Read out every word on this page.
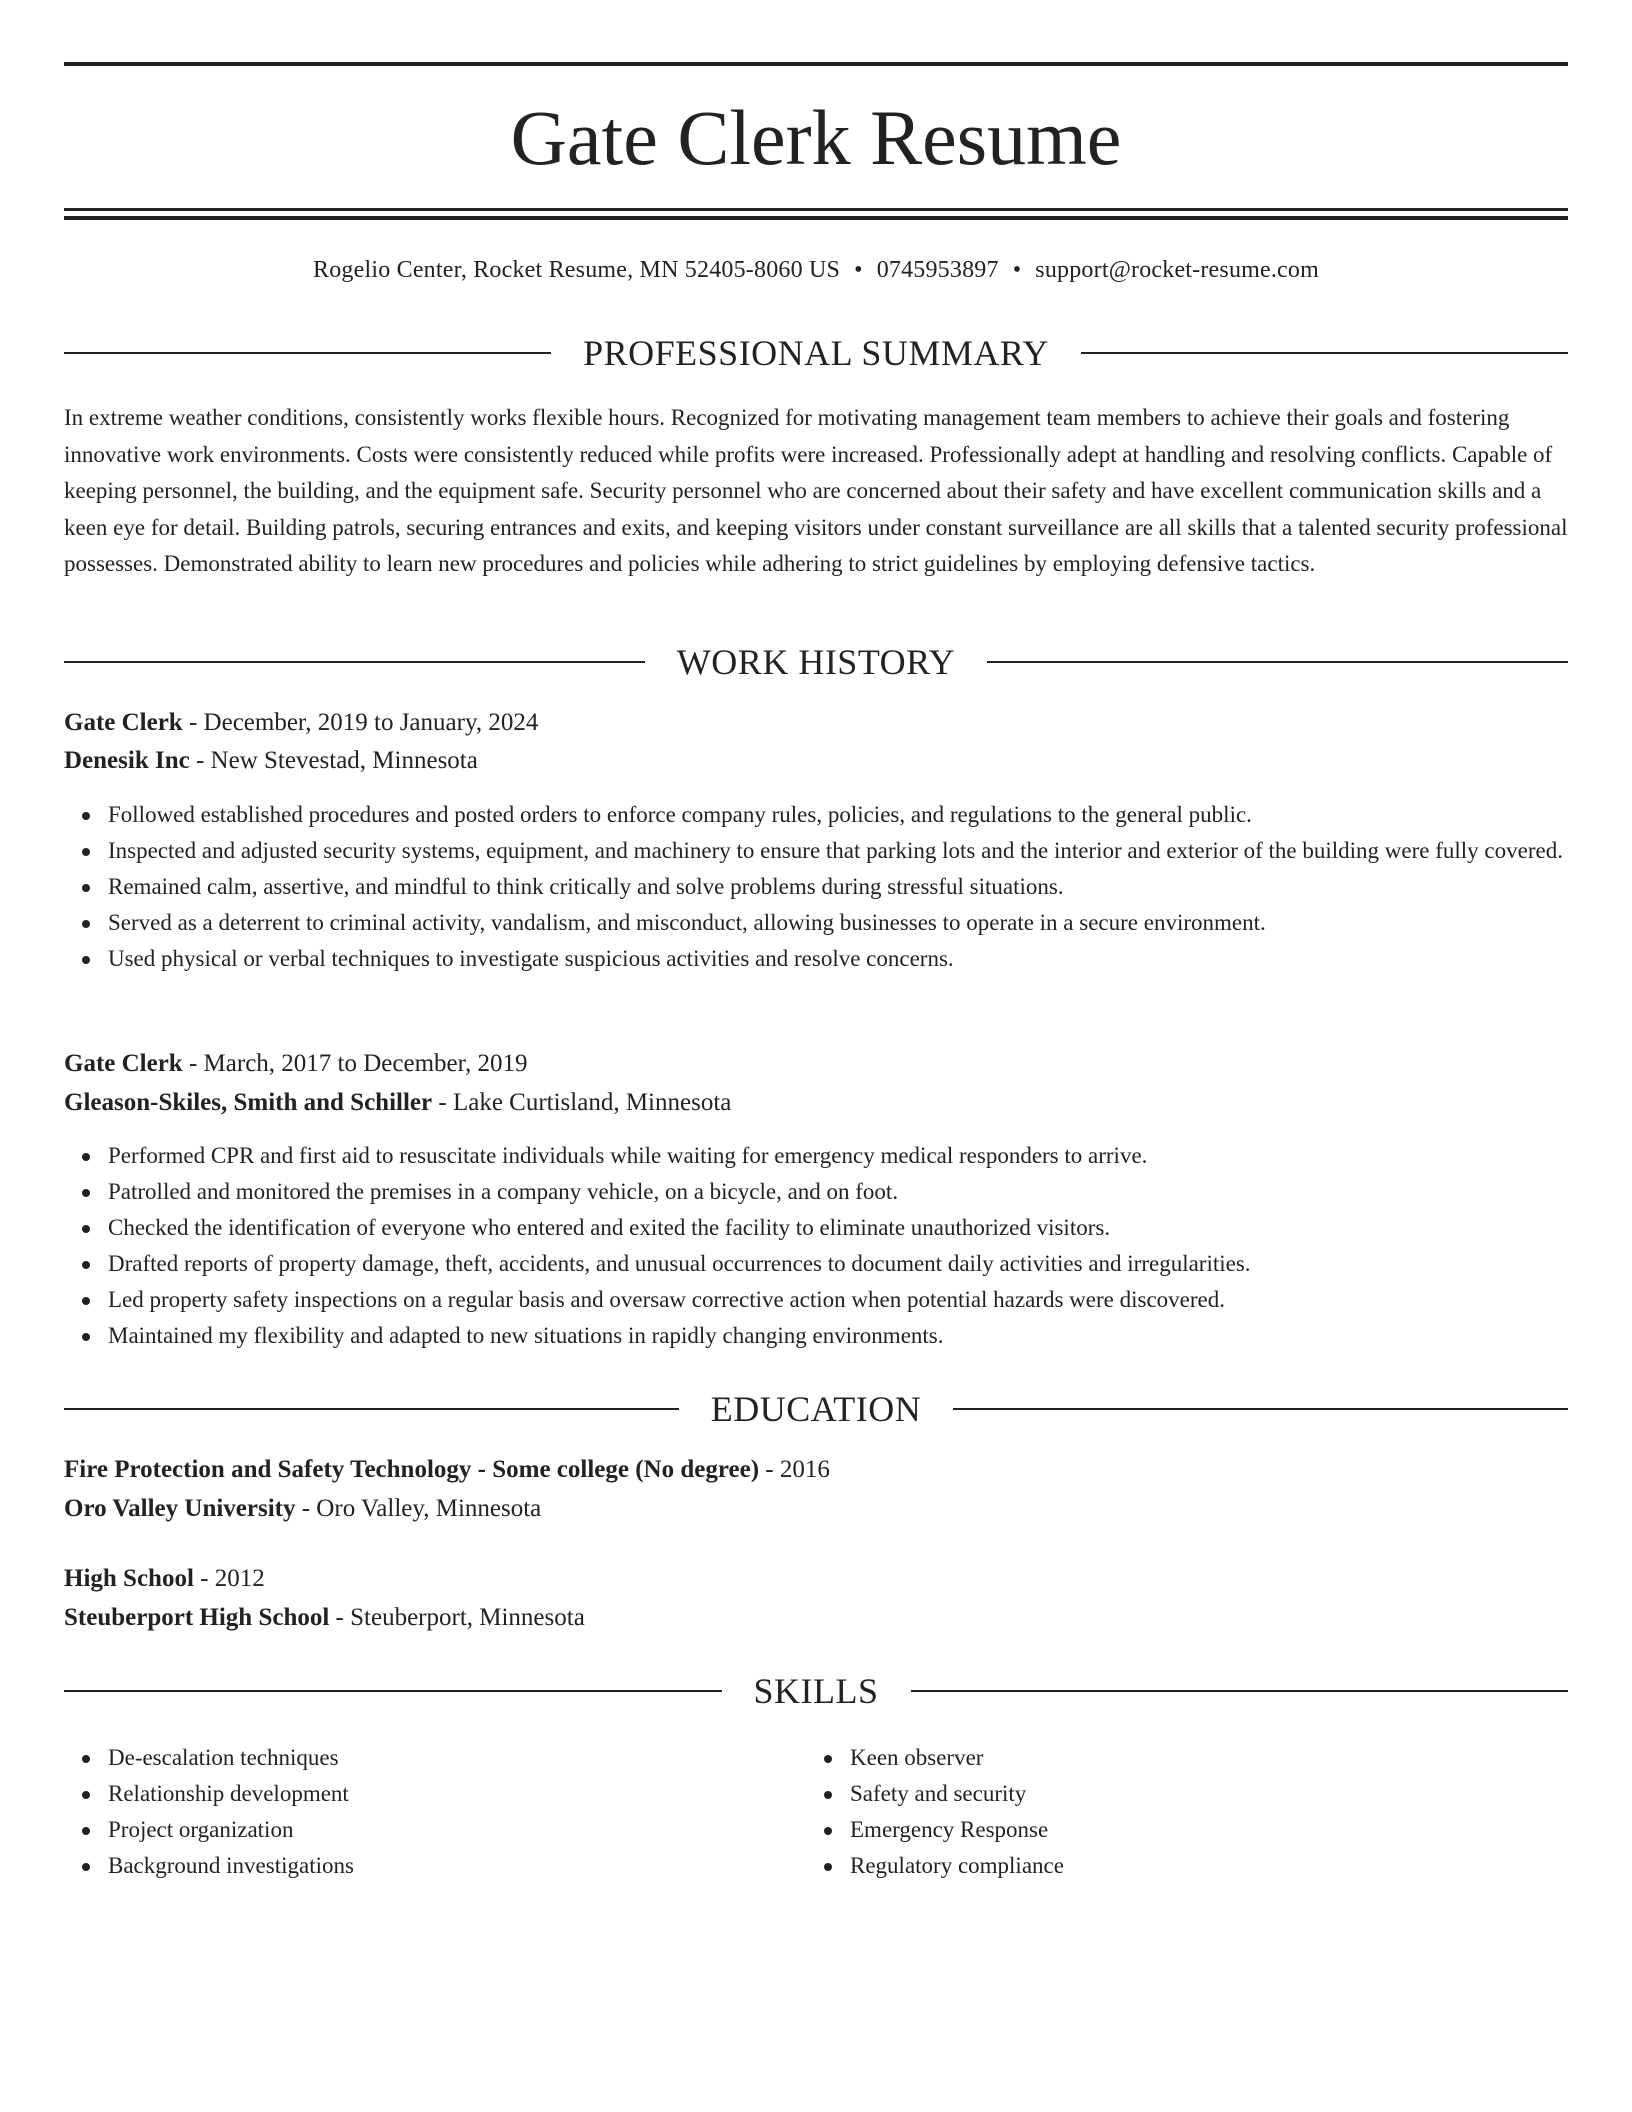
Gate Clerk Resume
Rogelio Center, Rocket Resume, MN 52405-8060 US • 0745953897 • support@rocket-resume.com
PROFESSIONAL SUMMARY

In extreme weather conditions, consistently works flexible hours. Recognized for motivating management team members to achieve their goals and fostering innovative work environments. Costs were consistently reduced while profits were increased. Professionally adept at handling and resolving conflicts. Capable of keeping personnel, the building, and the equipment safe. Security personnel who are concerned about their safety and have excellent communication skills and a keen eye for detail. Building patrols, securing entrances and exits, and keeping visitors under constant surveillance are all skills that a talented security professional possesses. Demonstrated ability to learn new procedures and policies while adhering to strict guidelines by employing defensive tactics.

WORK HISTORY
Gate Clerk - December, 2019 to January, 2024
Denesik Inc - New Stevestad, Minnesota
Followed established procedures and posted orders to enforce company rules, policies, and regulations to the general public.
Inspected and adjusted security systems, equipment, and machinery to ensure that parking lots and the interior and exterior of the building were fully covered.
Remained calm, assertive, and mindful to think critically and solve problems during stressful situations.
Served as a deterrent to criminal activity, vandalism, and misconduct, allowing businesses to operate in a secure environment.
Used physical or verbal techniques to investigate suspicious activities and resolve concerns.
Gate Clerk - March, 2017 to December, 2019
Gleason-Skiles, Smith and Schiller - Lake Curtisland, Minnesota
Performed CPR and first aid to resuscitate individuals while waiting for emergency medical responders to arrive.
Patrolled and monitored the premises in a company vehicle, on a bicycle, and on foot.
Checked the identification of everyone who entered and exited the facility to eliminate unauthorized visitors.
Drafted reports of property damage, theft, accidents, and unusual occurrences to document daily activities and irregularities.
Led property safety inspections on a regular basis and oversaw corrective action when potential hazards were discovered.
Maintained my flexibility and adapted to new situations in rapidly changing environments.
EDUCATION
Fire Protection and Safety Technology - Some college (No degree) - 2016
Oro Valley University - Oro Valley, Minnesota
High School - 2012
Steuberport High School - Steuberport, Minnesota
SKILLS
De-escalation techniques
Relationship development
Project organization
Background investigations
Keen observer
Safety and security
Emergency Response
Regulatory compliance
